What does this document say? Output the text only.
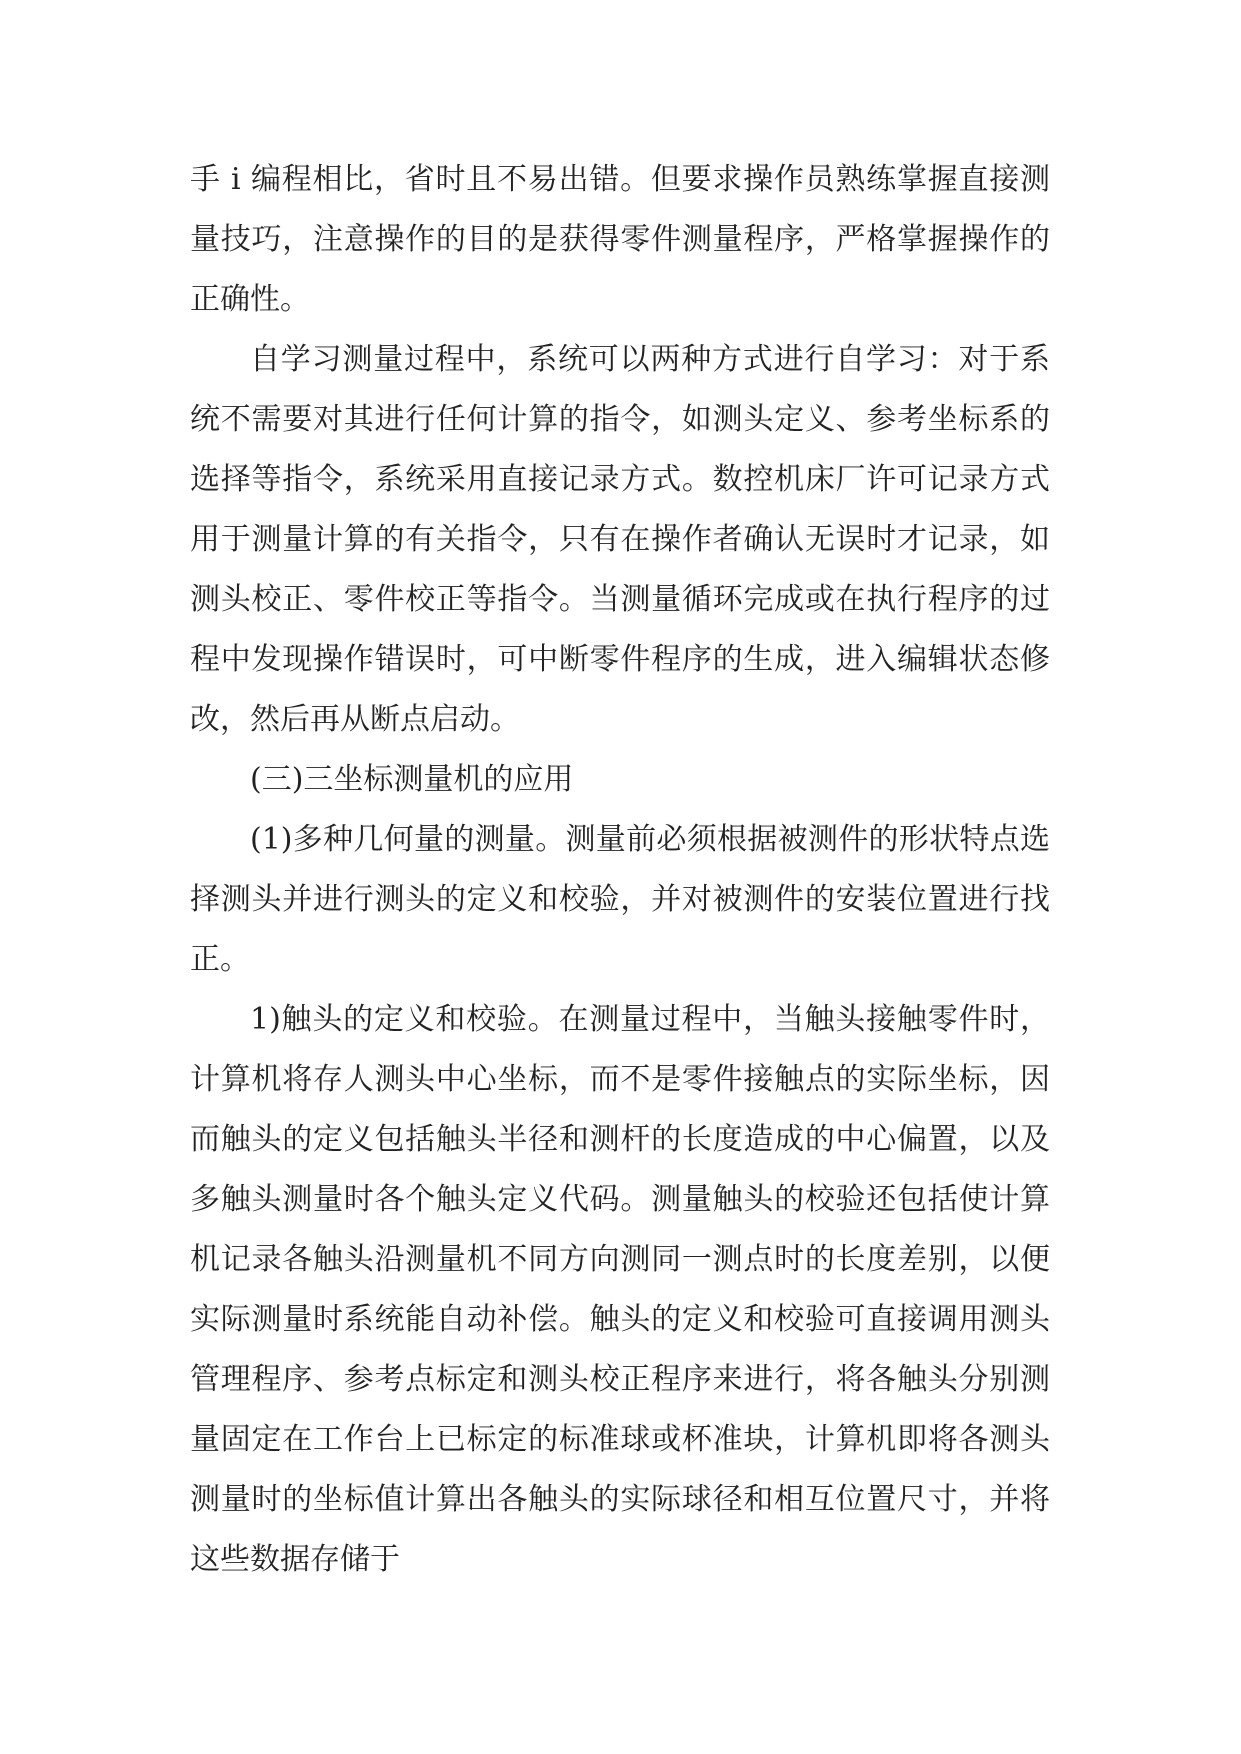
手 i 编程相比，省时且不易出错。但要求操作员熟练掌握直接测量技巧，注意操作的目的是获得零件测量程序，严格掌握操作的正确性。

自学习测量过程中，系统可以两种方式进行自学习：对于系统不需要对其进行任何计算的指令，如测头定义、参考坐标系的选择等指令，系统采用直接记录方式。数控机床厂许可记录方式用于测量计算的有关指令，只有在操作者确认无误时才记录，如测头校正、零件校正等指令。当测量循环完成或在执行程序的过程中发现操作错误时，可中断零件程序的生成，进入编辑状态修改，然后再从断点启动。

(三)三坐标测量机的应用

(1)多种几何量的测量。测量前必须根据被测件的形状特点选择测头并进行测头的定义和校验，并对被测件的安装位置进行找正。

1)触头的定义和校验。在测量过程中，当触头接触零件时，计算机将存人测头中心坐标，而不是零件接触点的实际坐标，因而触头的定义包括触头半径和测杆的长度造成的中心偏置，以及多触头测量时各个触头定义代码。测量触头的校验还包括使计算机记录各触头沿测量机不同方向测同一测点时的长度差别，以便实际测量时系统能自动补偿。触头的定义和校验可直接调用测头管理程序、参考点标定和测头校正程序来进行，将各触头分别测量固定在工作台上已标定的标准球或杯准块，计算机即将各测头测量时的坐标值计算出各触头的实际球径和相互位置尺寸，并将这些数据存储于
